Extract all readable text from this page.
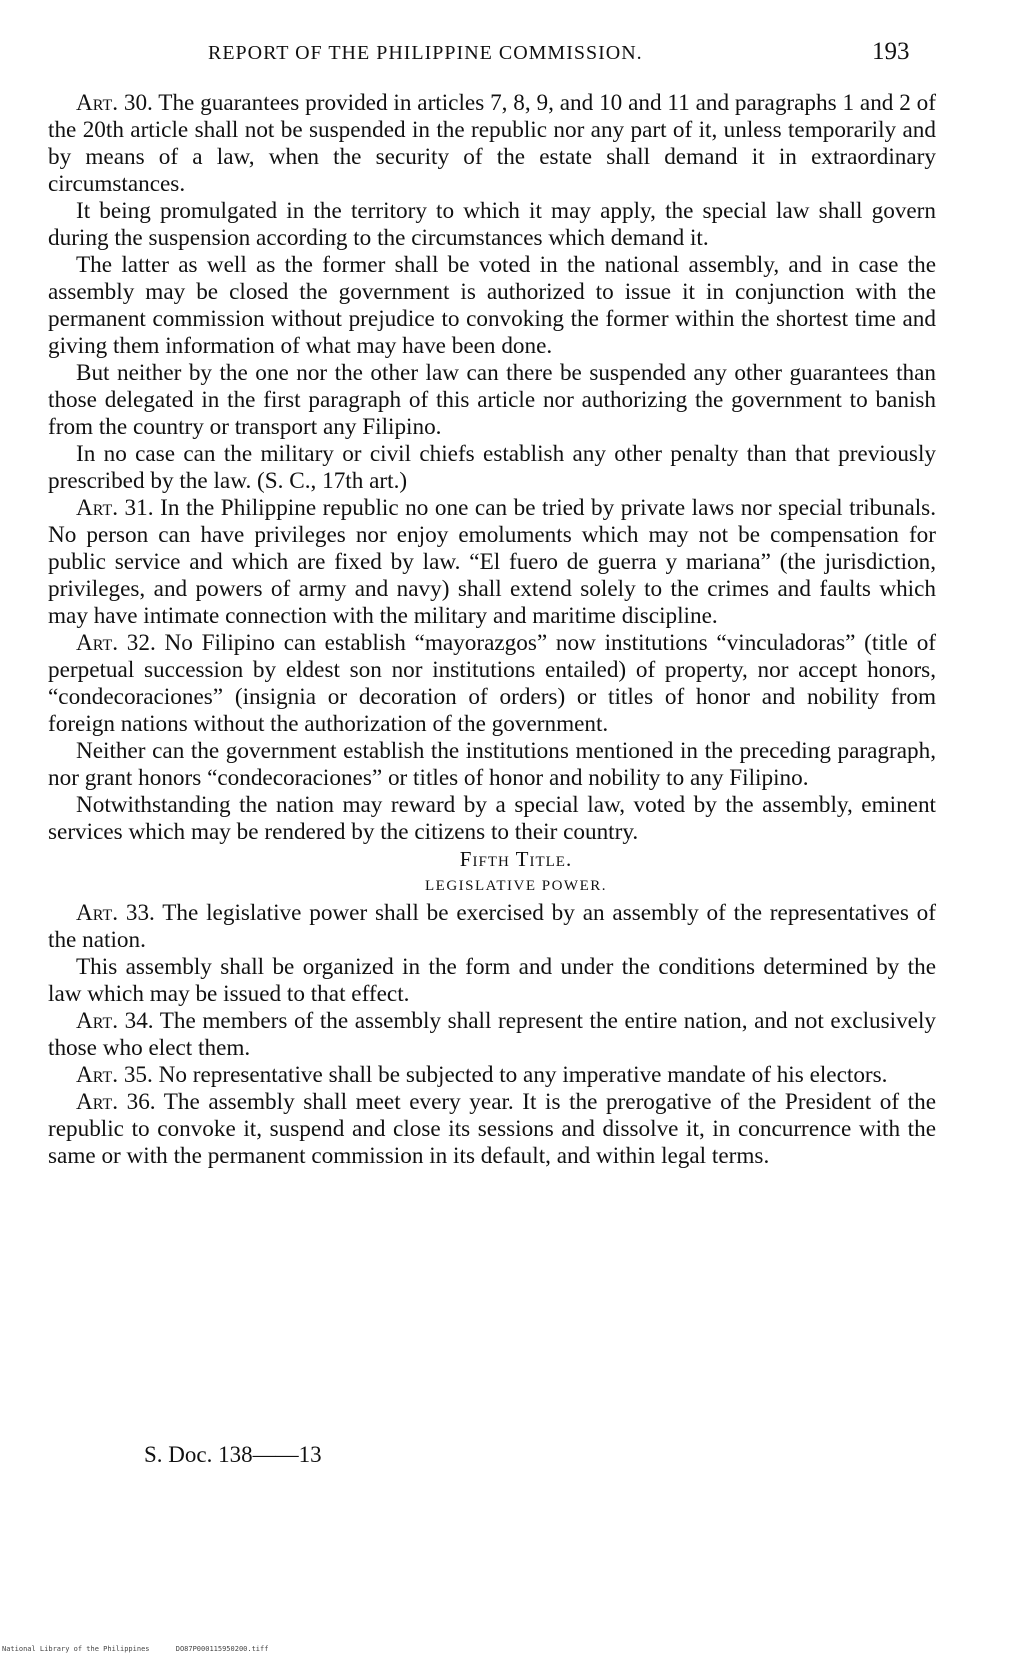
REPORT OF THE PHILIPPINE COMMISSION.	193

Art. 30. The guarantees provided in articles 7, 8, 9, and 10 and 11 and paragraphs 1 and 2 of the 20th article shall not be suspended in the republic nor any part of it, unless temporarily and by means of a law, when the security of the estate shall demand it in extraordinary circumstances.

It being promulgated in the territory to which it may apply, the special law shall govern during the suspension according to the circumstances which demand it.

The latter as well as the former shall be voted in the national assembly, and in case the assembly may be closed the government is authorized to issue it in conjunction with the permanent commission without prejudice to convoking the former within the shortest time and giving them information of what may have been done.

But neither by the one nor the other law can there be suspended any other guarantees than those delegated in the first paragraph of this article nor authorizing the government to banish from the country or transport any Filipino.

In no case can the military or civil chiefs establish any other penalty than that previously prescribed by the law. (S. C., 17th art.)

Art. 31. In the Philippine republic no one can be tried by private laws nor special tribunals. No person can have privileges nor enjoy emoluments which may not be compensation for public service and which are fixed by law. “El fuero de guerra y mariana” (the jurisdiction, privileges, and powers of army and navy) shall extend solely to the crimes and faults which may have intimate connection with the military and maritime discipline.

Art. 32. No Filipino can establish “mayorazgos” now institutions “vinculadoras” (title of perpetual succession by eldest son nor institutions entailed) of property, nor accept honors, “condecoraciones” (insignia or decoration of orders) or titles of honor and nobility from foreign nations without the authorization of the government.

Neither can the government establish the institutions mentioned in the preceding paragraph, nor grant honors “condecoraciones” or titles of honor and nobility to any Filipino.

Notwithstanding the nation may reward by a special law, voted by the assembly, eminent services which may be rendered by the citizens to their country.

Fifth Title.

LEGISLATIVE POWER.

Art. 33. The legislative power shall be exercised by an assembly of the representatives of the nation.

This assembly shall be organized in the form and under the conditions determined by the law which may be issued to that effect.

Art. 34. The members of the assembly shall represent the entire nation, and not exclusively those who elect them.

Art. 35. No representative shall be subjected to any imperative mandate of his electors.

Art. 36. The assembly shall meet every year. It is the prerogative of the President of the republic to convoke it, suspend and close its sessions and dissolve it, in concurrence with the same or with the permanent commission in its default, and within legal terms.

S. Doc. 138——13
National Library of the Philippines	DO87P000115950200.tiff
